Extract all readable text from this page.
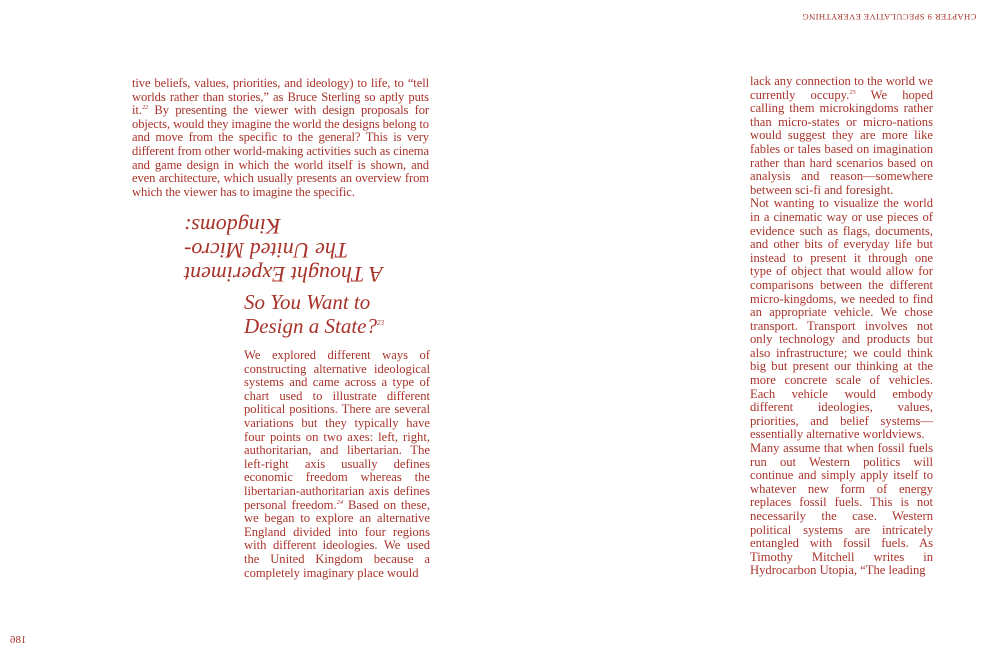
tive beliefs, values, priorities, and ideology) to life, to “tell worlds rather than stories,” as Bruce Sterling so aptly puts it.$^{22}$ By presenting the viewer with design proposals for objects, would they imagine the world the designs belong to and move from the specific to the general? This is very different from other world-making activities such as cinema and game design in which the world itself is shown, and even architecture, which usually presents an overview from which the viewer has to imagine the specific.

The United Micro-Kingdoms:
A Thought Experiment
So You Want to Design a State?$^{23}$

We explored different ways of constructing alternative ideological systems and came across a type of chart used to illustrate different political positions. There are several variations but they typically have four points on two axes: left, right, authoritarian, and libertarian. The left-right axis usually defines economic freedom whereas the libertarian-authoritarian axis defines personal freedom.$^{24}$ Based on these, we began to explore an alternative England divided into four regions with different ideologies. We used the United Kingdom because a completely imaginary place would

186
CHAPTER 9 SPECULATIVE EVERYTHING

lack any connection to the world we currently occupy.$^{25}$ We hoped calling them microkingdoms rather than micro-states or micro-nations would suggest they are more like fables or tales based on imagination rather than hard scenarios based on analysis and reason—somewhere between sci-fi and foresight.

Not wanting to visualize the world in a cinematic way or use pieces of evidence such as flags, documents, and other bits of everyday life but instead to present it through one type of object that would allow for comparisons between the different micro-kingdoms, we needed to find an appropriate vehicle. We chose transport. Transport involves not only technology and products but also infrastructure; we could think big but present our thinking at the more concrete scale of vehicles. Each vehicle would embody different ideologies, values, priorities, and belief systems—essentially alternative worldviews.

Many assume that when fossil fuels run out Western politics will continue and simply apply itself to whatever new form of energy replaces fossil fuels. This is not necessarily the case. Western political systems are intricately entangled with fossil fuels. As Timothy Mitchell writes in Hydrocarbon Utopia, “The leading
